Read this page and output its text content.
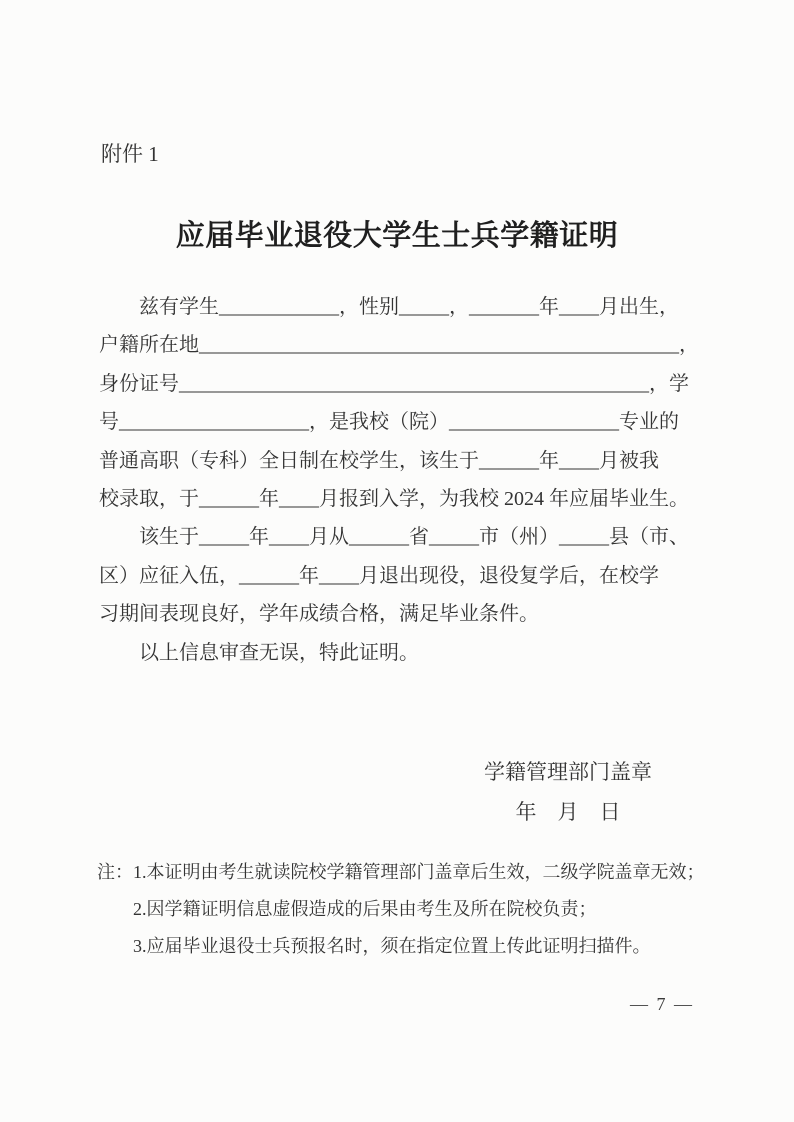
附件 1
应届毕业退役大学生士兵学籍证明
兹有学生____________，性别_____，_______年____月出生，
户籍所在地________________________________________________，
身份证号_______________________________________________，学
号___________________，是我校（院）_________________专业的
普通高职（专科）全日制在校学生，该生于______年____月被我
校录取，于______年____月报到入学，为我校 2024 年应届毕业生。
该生于_____年____月从______省_____市（州）_____县（市、
区）应征入伍，______年____月退出现役，退役复学后，在校学
习期间表现良好，学年成绩合格，满足毕业条件。
以上信息审查无误，特此证明。
学籍管理部门盖章
年　月　日
注： 1.本证明由考生就读院校学籍管理部门盖章后生效，二级学院盖章无效；
2.因学籍证明信息虚假造成的后果由考生及所在院校负责；
3.应届毕业退役士兵预报名时，须在指定位置上传此证明扫描件。
— 7 —
